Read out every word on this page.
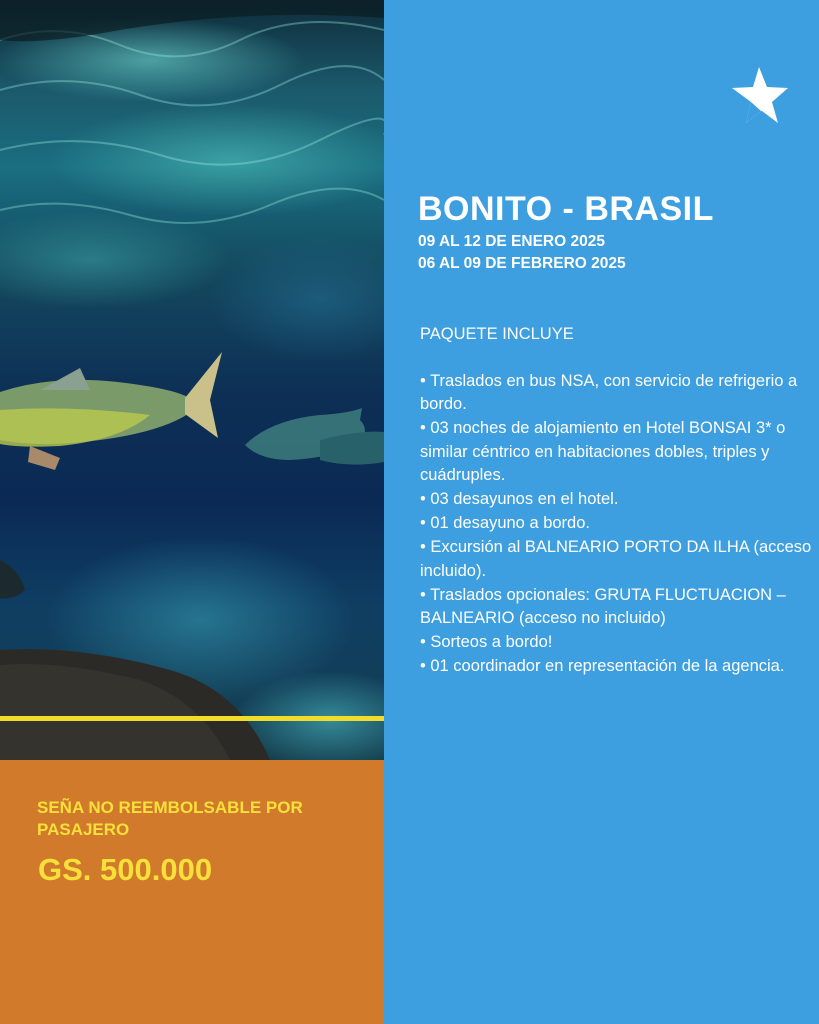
SEÑA NO REEMBOLSABLE POR PASAJERO
GS. 500.000
BONITO - BRASIL
09 AL 12 DE ENERO 2025
06 AL 09 DE FEBRERO 2025
PAQUETE INCLUYE
• Traslados en bus NSA, con servicio de refrigerio a bordo.
• 03 noches de alojamiento en Hotel BONSAI 3* o similar céntrico en habitaciones dobles, triples y cuádruples.
• 03 desayunos en el hotel.
• 01 desayuno a bordo.
• Excursión al BALNEARIO PORTO DA ILHA (acceso incluido).
• Traslados opcionales: GRUTA FLUCTUACION – BALNEARIO (acceso no incluido)
• Sorteos a bordo!
• 01 coordinador en representación de la agencia.
